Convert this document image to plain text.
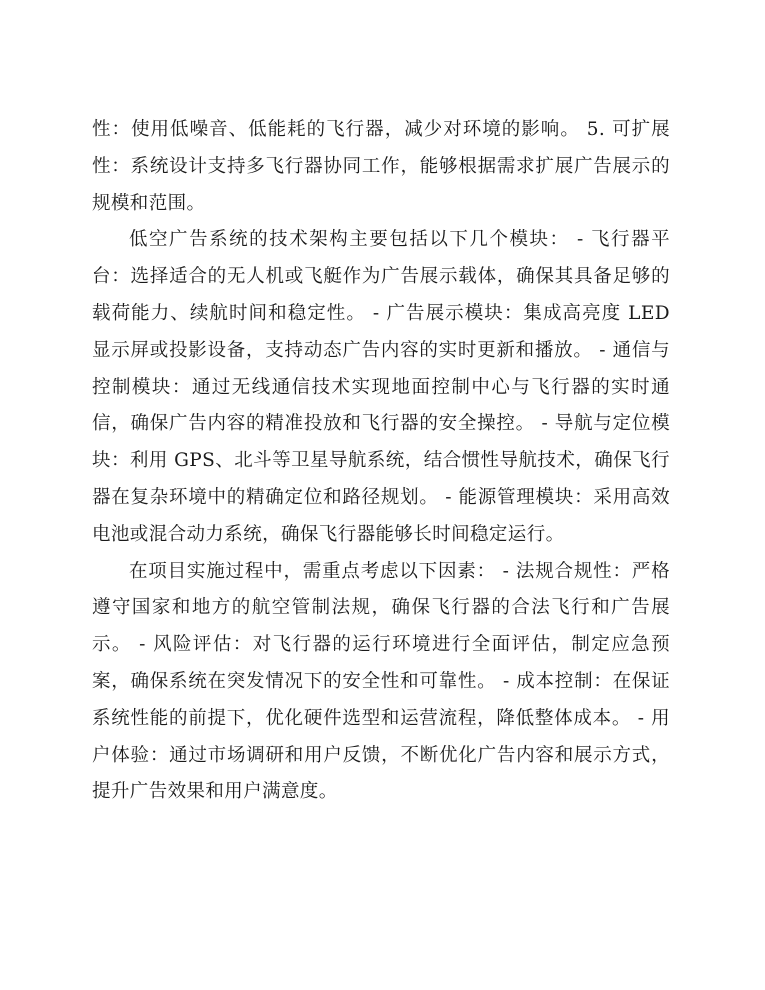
性：使用低噪音、低能耗的飞行器，减少对环境的影响。 5. 可扩展性：系统设计支持多飞行器协同工作，能够根据需求扩展广告展示的规模和范围。

低空广告系统的技术架构主要包括以下几个模块： - 飞行器平台：选择适合的无人机或飞艇作为广告展示载体，确保其具备足够的载荷能力、续航时间和稳定性。 - 广告展示模块：集成高亮度 LED 显示屏或投影设备，支持动态广告内容的实时更新和播放。 - 通信与控制模块：通过无线通信技术实现地面控制中心与飞行器的实时通信，确保广告内容的精准投放和飞行器的安全操控。 - 导航与定位模块：利用 GPS、北斗等卫星导航系统，结合惯性导航技术，确保飞行器在复杂环境中的精确定位和路径规划。 - 能源管理模块：采用高效电池或混合动力系统，确保飞行器能够长时间稳定运行。

在项目实施过程中，需重点考虑以下因素： - 法规合规性：严格遵守国家和地方的航空管制法规，确保飞行器的合法飞行和广告展示。 - 风险评估：对飞行器的运行环境进行全面评估，制定应急预案，确保系统在突发情况下的安全性和可靠性。 - 成本控制：在保证系统性能的前提下，优化硬件选型和运营流程，降低整体成本。 - 用户体验：通过市场调研和用户反馈，不断优化广告内容和展示方式，提升广告效果和用户满意度。
